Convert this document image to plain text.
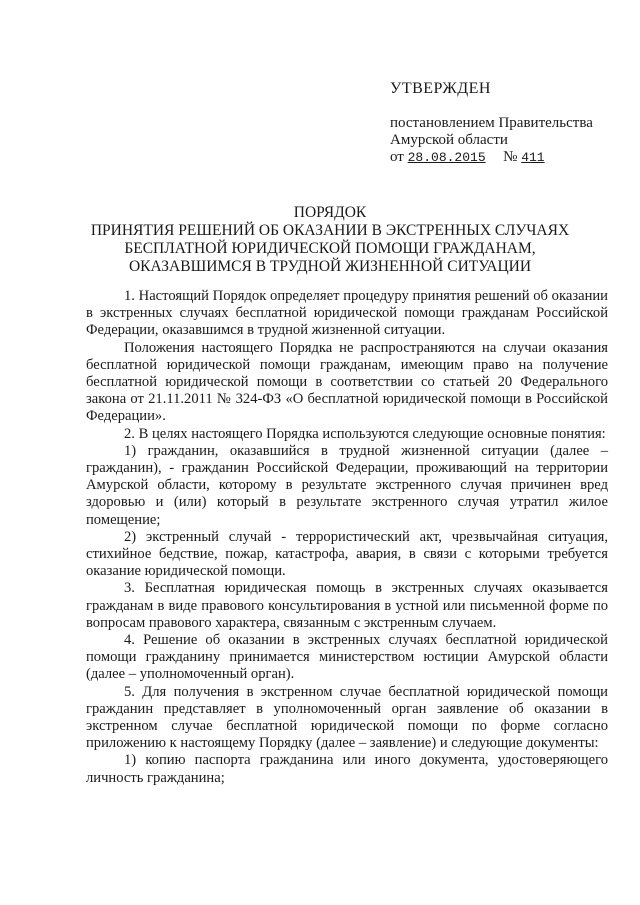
УТВЕРЖДЕН
постановлением Правительства
Амурской области
от 28.08.2015 № 411
ПОРЯДОК
ПРИНЯТИЯ РЕШЕНИЙ ОБ ОКАЗАНИИ В ЭКСТРЕННЫХ СЛУЧАЯХ
БЕСПЛАТНОЙ ЮРИДИЧЕСКОЙ ПОМОЩИ ГРАЖДАНАМ,
ОКАЗАВШИМСЯ В ТРУДНОЙ ЖИЗНЕННОЙ СИТУАЦИИ

1. Настоящий Порядок определяет процедуру принятия решений об оказании в экстренных случаях бесплатной юридической помощи гражданам Российской Федерации, оказавшимся в трудной жизненной ситуации.

Положения настоящего Порядка не распространяются на случаи оказания бесплатной юридической помощи гражданам, имеющим право на получение бесплатной юридической помощи в соответствии со статьей 20 Федерального закона от 21.11.2011 № 324-ФЗ «О бесплатной юридической помощи в Российской Федерации».

2. В целях настоящего Порядка используются следующие основные понятия:

1) гражданин, оказавшийся в трудной жизненной ситуации (далее – гражданин), - гражданин Российской Федерации, проживающий на территории Амурской области, которому в результате экстренного случая причинен вред здоровью и (или) который в результате экстренного случая утратил жилое помещение;

2) экстренный случай - террористический акт, чрезвычайная ситуация, стихийное бедствие, пожар, катастрофа, авария, в связи с которыми требуется оказание юридической помощи.

3. Бесплатная юридическая помощь в экстренных случаях оказывается гражданам в виде правового консультирования в устной или письменной форме по вопросам правового характера, связанным с экстренным случаем.

4. Решение об оказании в экстренных случаях бесплатной юридической помощи гражданину принимается министерством юстиции Амурской области (далее – уполномоченный орган).

5. Для получения в экстренном случае бесплатной юридической помощи гражданин представляет в уполномоченный орган заявление об оказании в экстренном случае бесплатной юридической помощи по форме согласно приложению к настоящему Порядку (далее – заявление) и следующие документы:

1) копию паспорта гражданина или иного документа, удостоверяющего личность гражданина;
